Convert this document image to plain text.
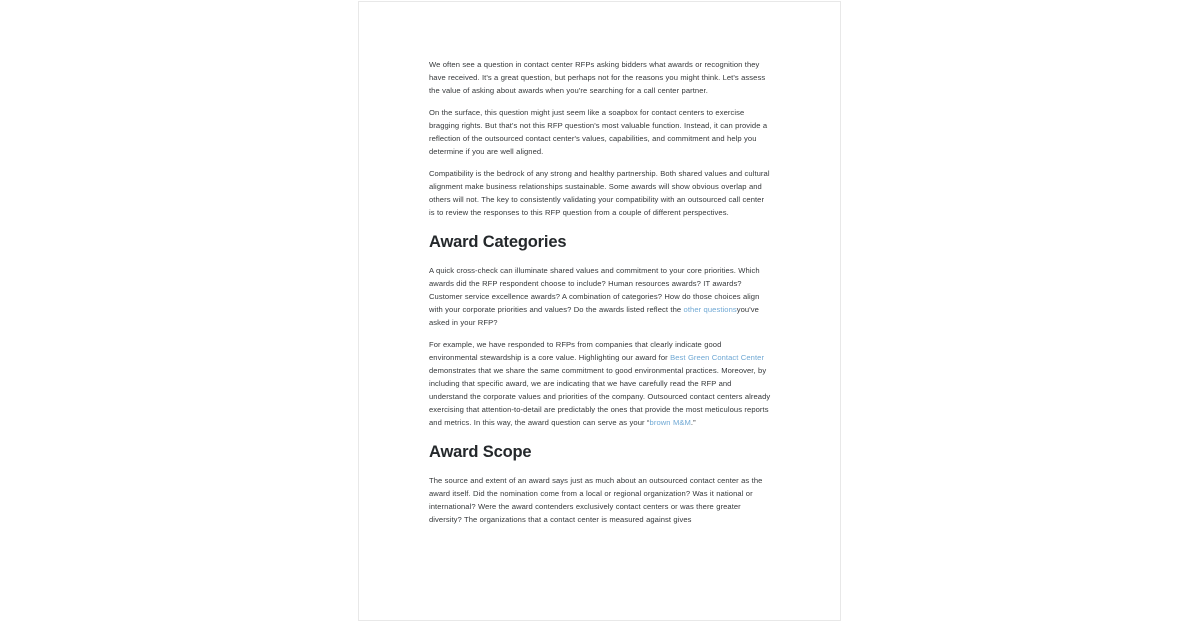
We often see a question in contact center RFPs asking bidders what awards or recognition they have received. It's a great question, but perhaps not for the reasons you might think. Let's assess the value of asking about awards when you're searching for a call center partner.

On the surface, this question might just seem like a soapbox for contact centers to exercise bragging rights. But that's not this RFP question's most valuable function. Instead, it can provide a reflection of the outsourced contact center's values, capabilities, and commitment and help you determine if you are well aligned.

Compatibility is the bedrock of any strong and healthy partnership. Both shared values and cultural alignment make business relationships sustainable. Some awards will show obvious overlap and others will not. The key to consistently validating your compatibility with an outsourced call center is to review the responses to this RFP question from a couple of different perspectives.

Award Categories

A quick cross-check can illuminate shared values and commitment to your core priorities. Which awards did the RFP respondent choose to include? Human resources awards? IT awards? Customer service excellence awards? A combination of categories? How do those choices align with your corporate priorities and values? Do the awards listed reflect the other questionsyou've asked in your RFP?

For example, we have responded to RFPs from companies that clearly indicate good environmental stewardship is a core value. Highlighting our award for Best Green Contact Center demonstrates that we share the same commitment to good environmental practices. Moreover, by including that specific award, we are indicating that we have carefully read the RFP and understand the corporate values and priorities of the company. Outsourced contact centers already exercising that attention-to-detail are predictably the ones that provide the most meticulous reports and metrics. In this way, the award question can serve as your “brown M&M.”

Award Scope

The source and extent of an award says just as much about an outsourced contact center as the award itself. Did the nomination come from a local or regional organization? Was it national or international? Were the award contenders exclusively contact centers or was there greater diversity? The organizations that a contact center is measured against gives
